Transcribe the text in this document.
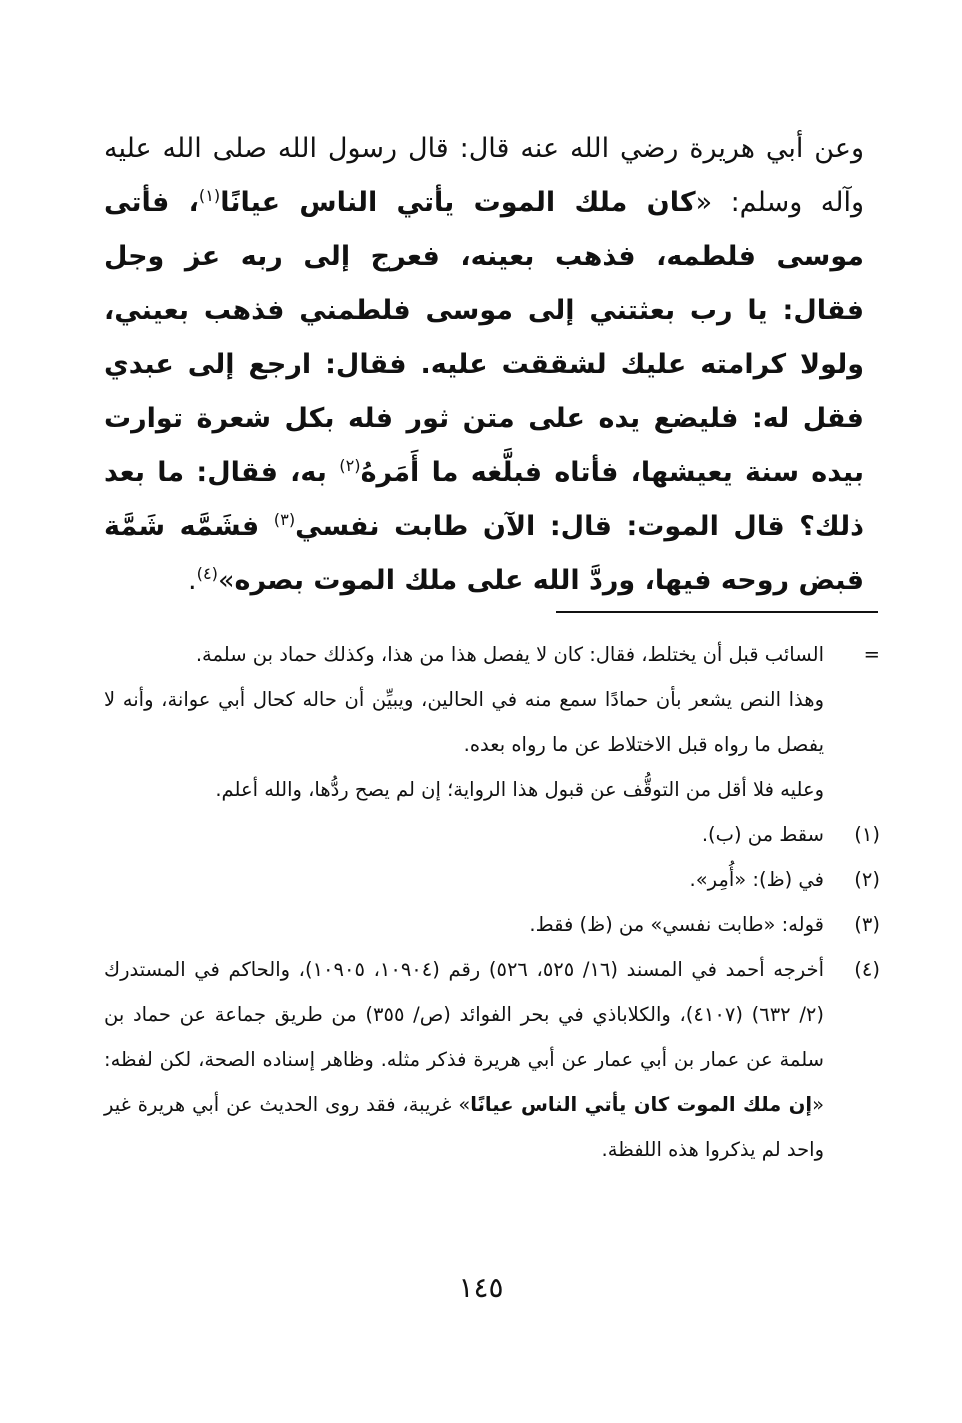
وعن أبي هريرة رضي الله عنه قال: قال رسول الله صلى الله عليه وآله وسلم: «كان ملك الموت يأتي الناس عيانًا$^{(١)}$، فأتى موسى فلطمه، فذهب بعينه، فعرج إلى ربه عز وجل فقال: يا رب بعثتني إلى موسى فلطمني فذهب بعيني، ولولا كرامته عليك لشققت عليه. فقال: ارجع إلى عبدي فقل له: فليضع يده على متن ثور فله بكل شعرة توارت بيده سنة يعيشها، فأتاه فبلَّغه ما أَمَرهُ$^{(٢)}$ به، فقال: ما بعد ذلك؟ قال الموت: قال: الآن طابت نفسي$^{(٣)}$ فشَمَّه شَمَّة قبض روحه فيها، وردَّ الله على ملك الموت بصره»$^{(٤)}$.

=
السائب قبل أن يختلط، فقال: كان لا يفصل هذا من هذا، وكذلك حماد بن سلمة.

وهذا النص يشعر بأن حمادًا سمع منه في الحالين، ويبيِّن أن حاله كحال أبي عوانة، وأنه لا يفصل ما رواه قبل الاختلاط عن ما رواه بعده.

وعليه فلا أقل من التوقُّف عن قبول هذا الرواية؛ إن لم يصح ردُّها، والله أعلم.

(١)
سقط من (ب).

(٢)
في (ظ): «أُمِر».

(٣)
قوله: «طابت نفسي» من (ظ) فقط.

(٤)
أخرجه أحمد في المسند (١٦/ ٥٢٥، ٥٢٦) رقم (١٠٩٠٤، ١٠٩٠٥)، والحاكم في المستدرك (٢/ ٦٣٢) (٤١٠٧)، والكلاباذي في بحر الفوائد (ص/ ٣٥٥) من طريق جماعة عن حماد بن سلمة عن عمار بن أبي عمار عن أبي هريرة فذكر مثله. وظاهر إسناده الصحة، لكن لفظه: «إن ملك الموت كان يأتي الناس عيانًا» غريبة، فقد روى الحديث عن أبي هريرة غير واحد لم يذكروا هذه اللفظة.

١٤٥
